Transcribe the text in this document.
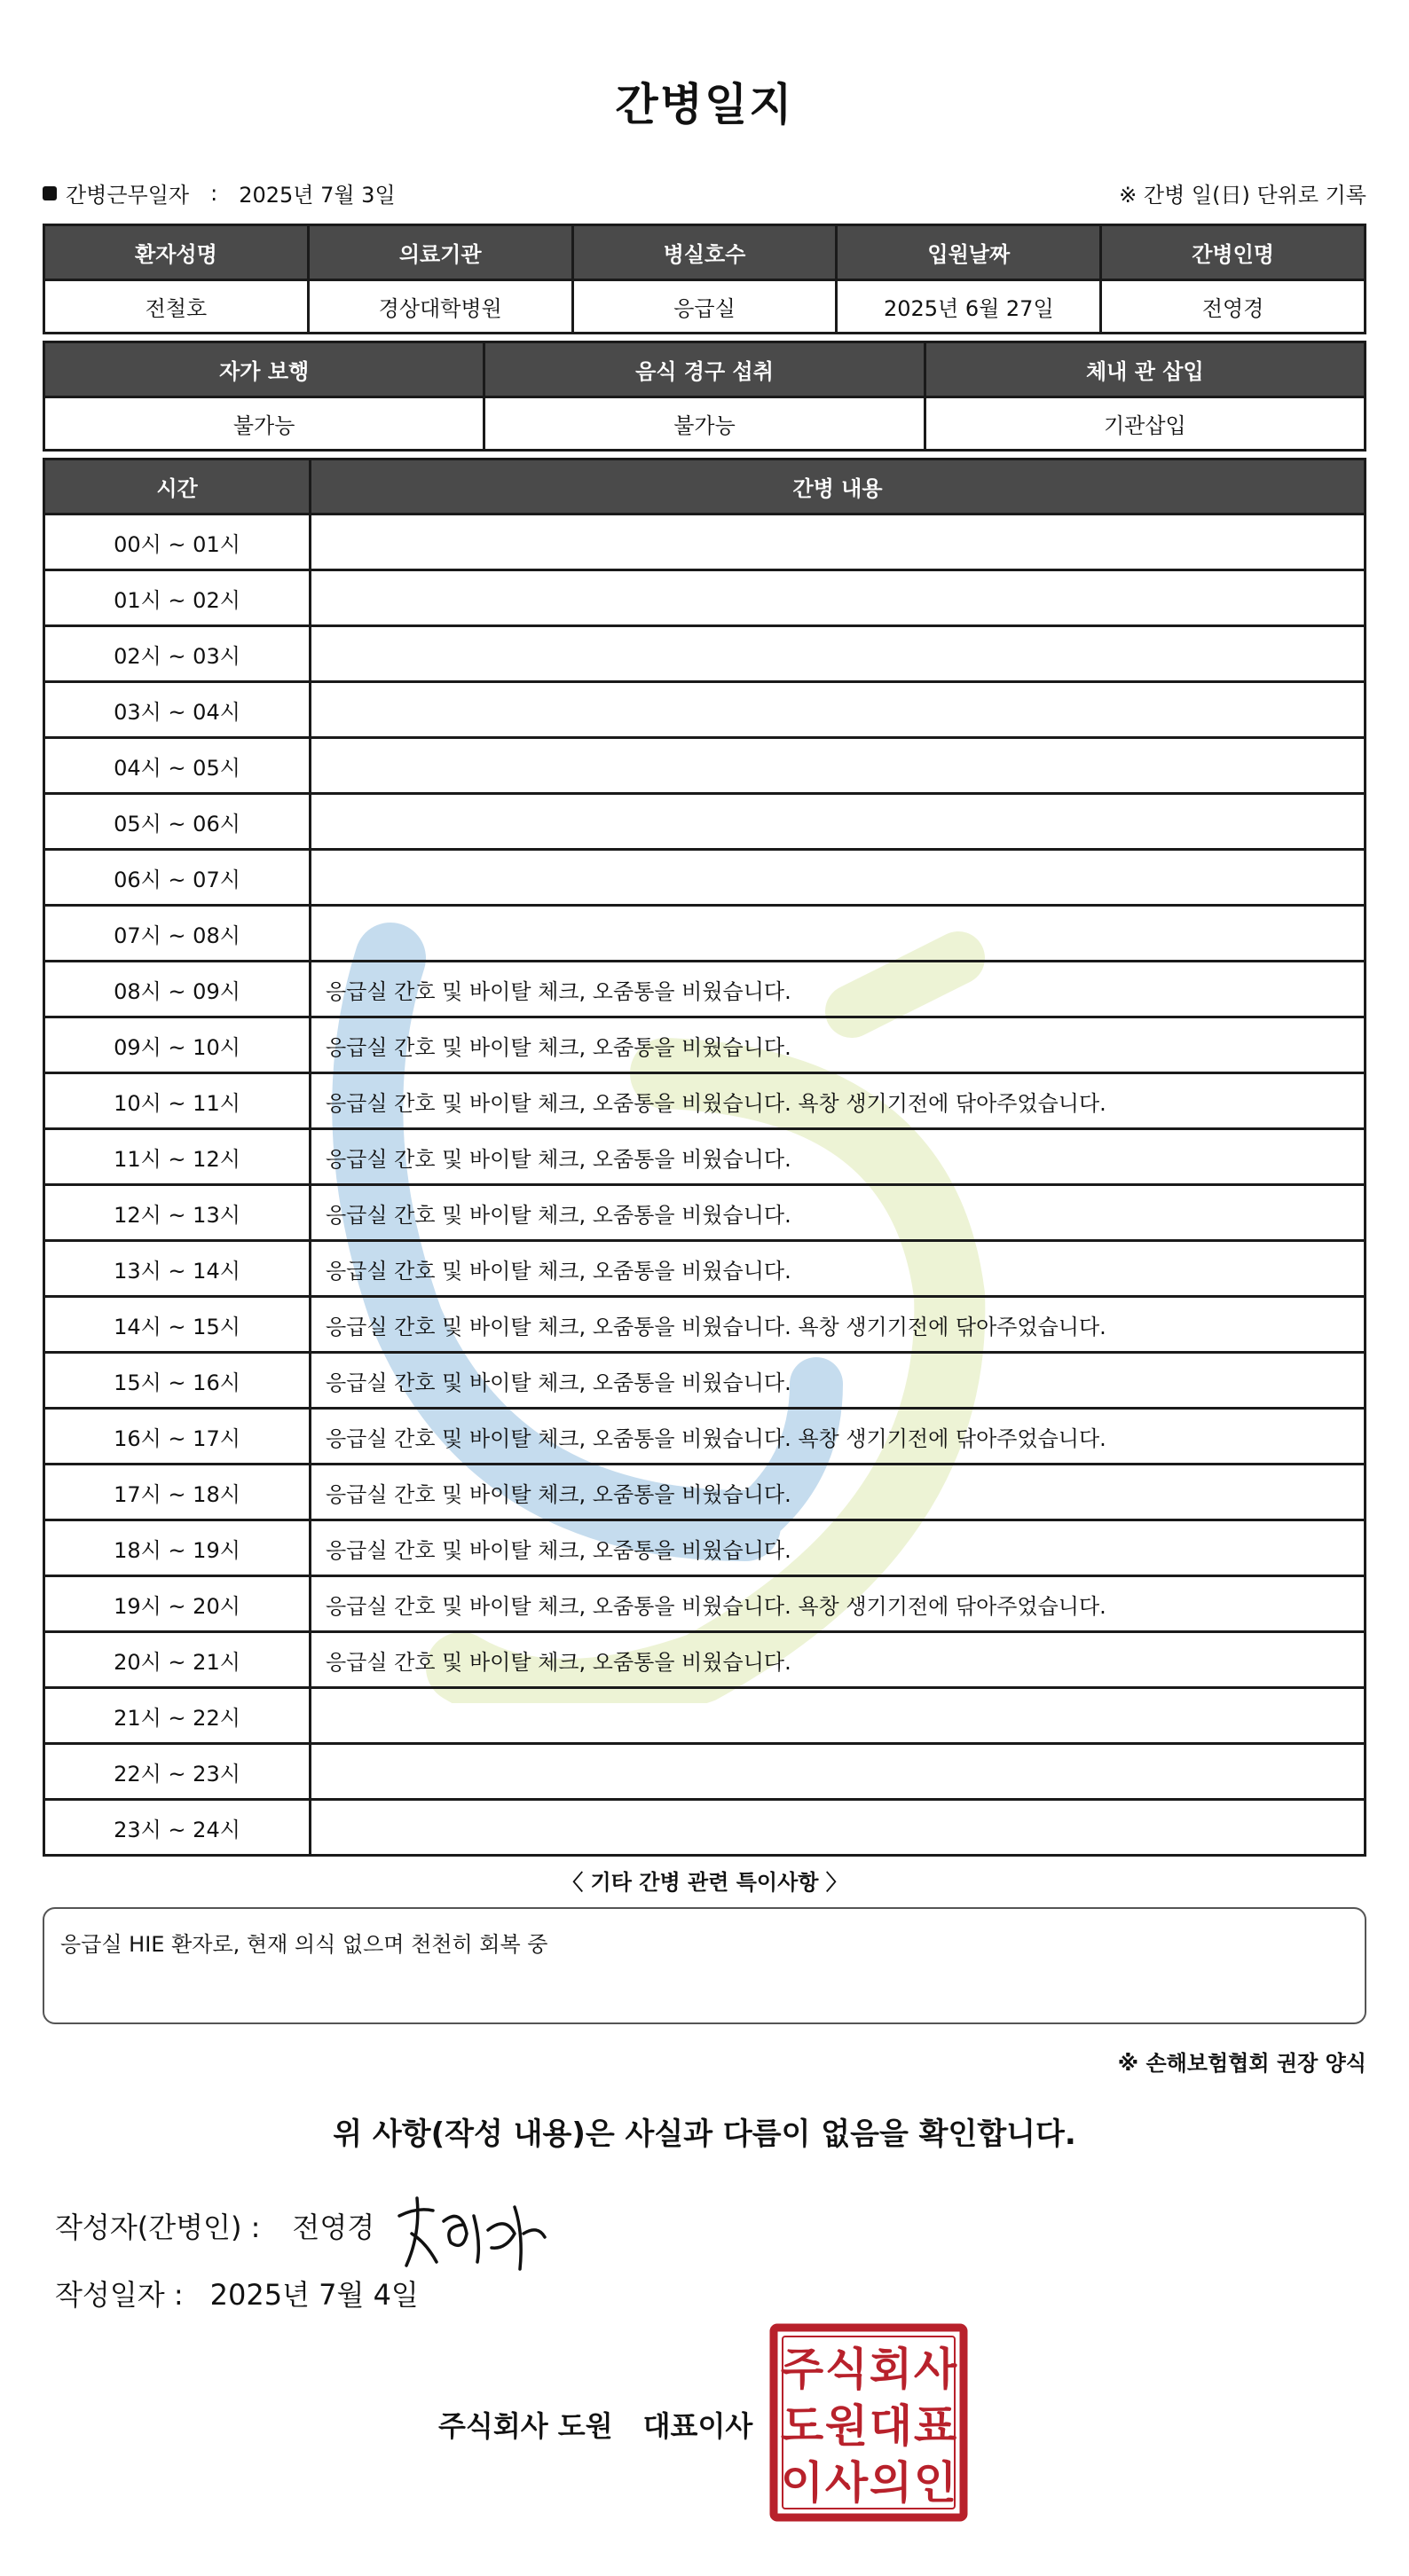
간병일지
간병근무일자 : 2025년 7월 3일	※ 간병 일(日) 단위로 기록
환자성명	의료기관	병실호수	입원날짜	간병인명
전철호	경상대학병원	응급실	2025년 6월 27일	전영경
자가 보행	음식 경구 섭취	체내 관 삽입
불가능	불가능	기관삽입
시간	간병 내용
00시 ~ 01시	
01시 ~ 02시	
02시 ~ 03시	
03시 ~ 04시	
04시 ~ 05시	
05시 ~ 06시	
06시 ~ 07시	
07시 ~ 08시	
08시 ~ 09시	응급실 간호 및 바이탈 체크, 오줌통을 비웠습니다.
09시 ~ 10시	응급실 간호 및 바이탈 체크, 오줌통을 비웠습니다.
10시 ~ 11시	응급실 간호 및 바이탈 체크, 오줌통을 비웠습니다. 욕창 생기기전에 닦아주었습니다.
11시 ~ 12시	응급실 간호 및 바이탈 체크, 오줌통을 비웠습니다.
12시 ~ 13시	응급실 간호 및 바이탈 체크, 오줌통을 비웠습니다.
13시 ~ 14시	응급실 간호 및 바이탈 체크, 오줌통을 비웠습니다.
14시 ~ 15시	응급실 간호 및 바이탈 체크, 오줌통을 비웠습니다. 욕창 생기기전에 닦아주었습니다.
15시 ~ 16시	응급실 간호 및 바이탈 체크, 오줌통을 비웠습니다.
16시 ~ 17시	응급실 간호 및 바이탈 체크, 오줌통을 비웠습니다. 욕창 생기기전에 닦아주었습니다.
17시 ~ 18시	응급실 간호 및 바이탈 체크, 오줌통을 비웠습니다.
18시 ~ 19시	응급실 간호 및 바이탈 체크, 오줌통을 비웠습니다.
19시 ~ 20시	응급실 간호 및 바이탈 체크, 오줌통을 비웠습니다. 욕창 생기기전에 닦아주었습니다.
20시 ~ 21시	응급실 간호 및 바이탈 체크, 오줌통을 비웠습니다.
21시 ~ 22시	
22시 ~ 23시	
23시 ~ 24시	
〈 기타 간병 관련 특이사항 〉
응급실 HIE 환자로, 현재 의식 없으며 천천히 회복 중
※ 손해보험협회 권장 양식
위 사항(작성 내용)은 사실과 다름이 없음을 확인합니다.
작성자(간병인) : 전영경
작성일자 : 2025년 7월 4일
주식회사 도원 대표이사
주 식 회 사
도 원 대 표
이 사 의 인
